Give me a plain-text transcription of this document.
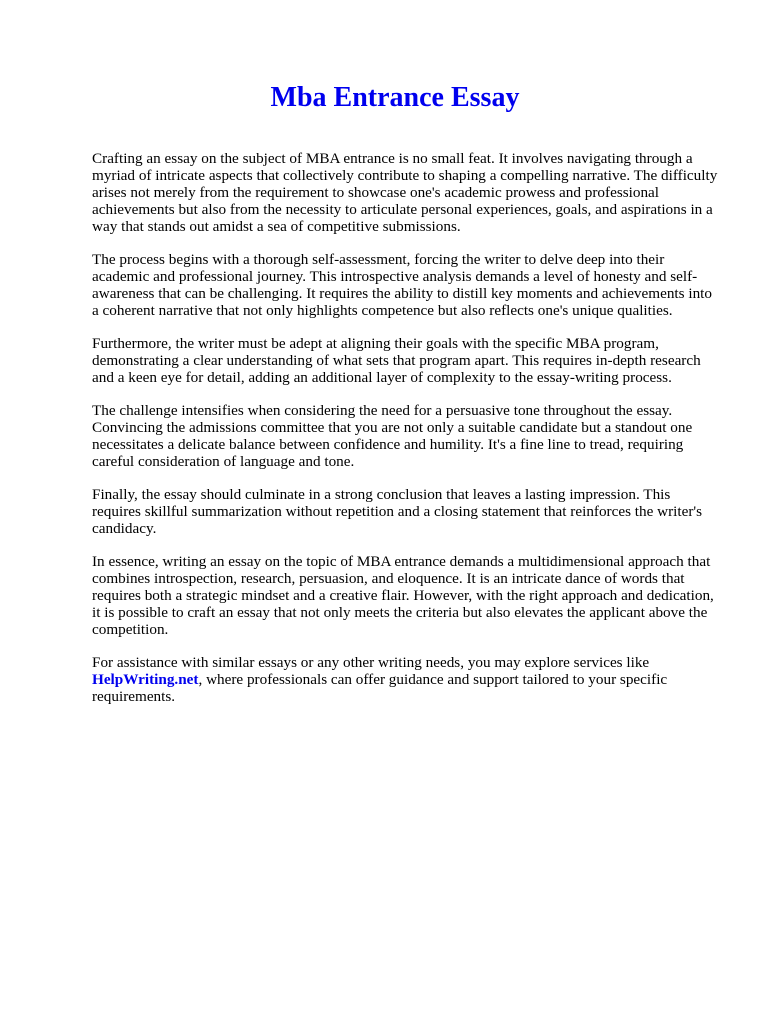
Mba Entrance Essay

Crafting an essay on the subject of MBA entrance is no small feat. It involves navigating through a myriad of intricate aspects that collectively contribute to shaping a compelling narrative. The difficulty arises not merely from the requirement to showcase one's academic prowess and professional achievements but also from the necessity to articulate personal experiences, goals, and aspirations in a way that stands out amidst a sea of competitive submissions.

The process begins with a thorough self-assessment, forcing the writer to delve deep into their academic and professional journey. This introspective analysis demands a level of honesty and self-awareness that can be challenging. It requires the ability to distill key moments and achievements into a coherent narrative that not only highlights competence but also reflects one's unique qualities.

Furthermore, the writer must be adept at aligning their goals with the specific MBA program, demonstrating a clear understanding of what sets that program apart. This requires in-depth research and a keen eye for detail, adding an additional layer of complexity to the essay-writing process.

The challenge intensifies when considering the need for a persuasive tone throughout the essay. Convincing the admissions committee that you are not only a suitable candidate but a standout one necessitates a delicate balance between confidence and humility. It's a fine line to tread, requiring careful consideration of language and tone.

Finally, the essay should culminate in a strong conclusion that leaves a lasting impression. This requires skillful summarization without repetition and a closing statement that reinforces the writer's candidacy.

In essence, writing an essay on the topic of MBA entrance demands a multidimensional approach that combines introspection, research, persuasion, and eloquence. It is an intricate dance of words that requires both a strategic mindset and a creative flair. However, with the right approach and dedication, it is possible to craft an essay that not only meets the criteria but also elevates the applicant above the competition.

For assistance with similar essays or any other writing needs, you may explore services like HelpWriting.net, where professionals can offer guidance and support tailored to your specific requirements.
